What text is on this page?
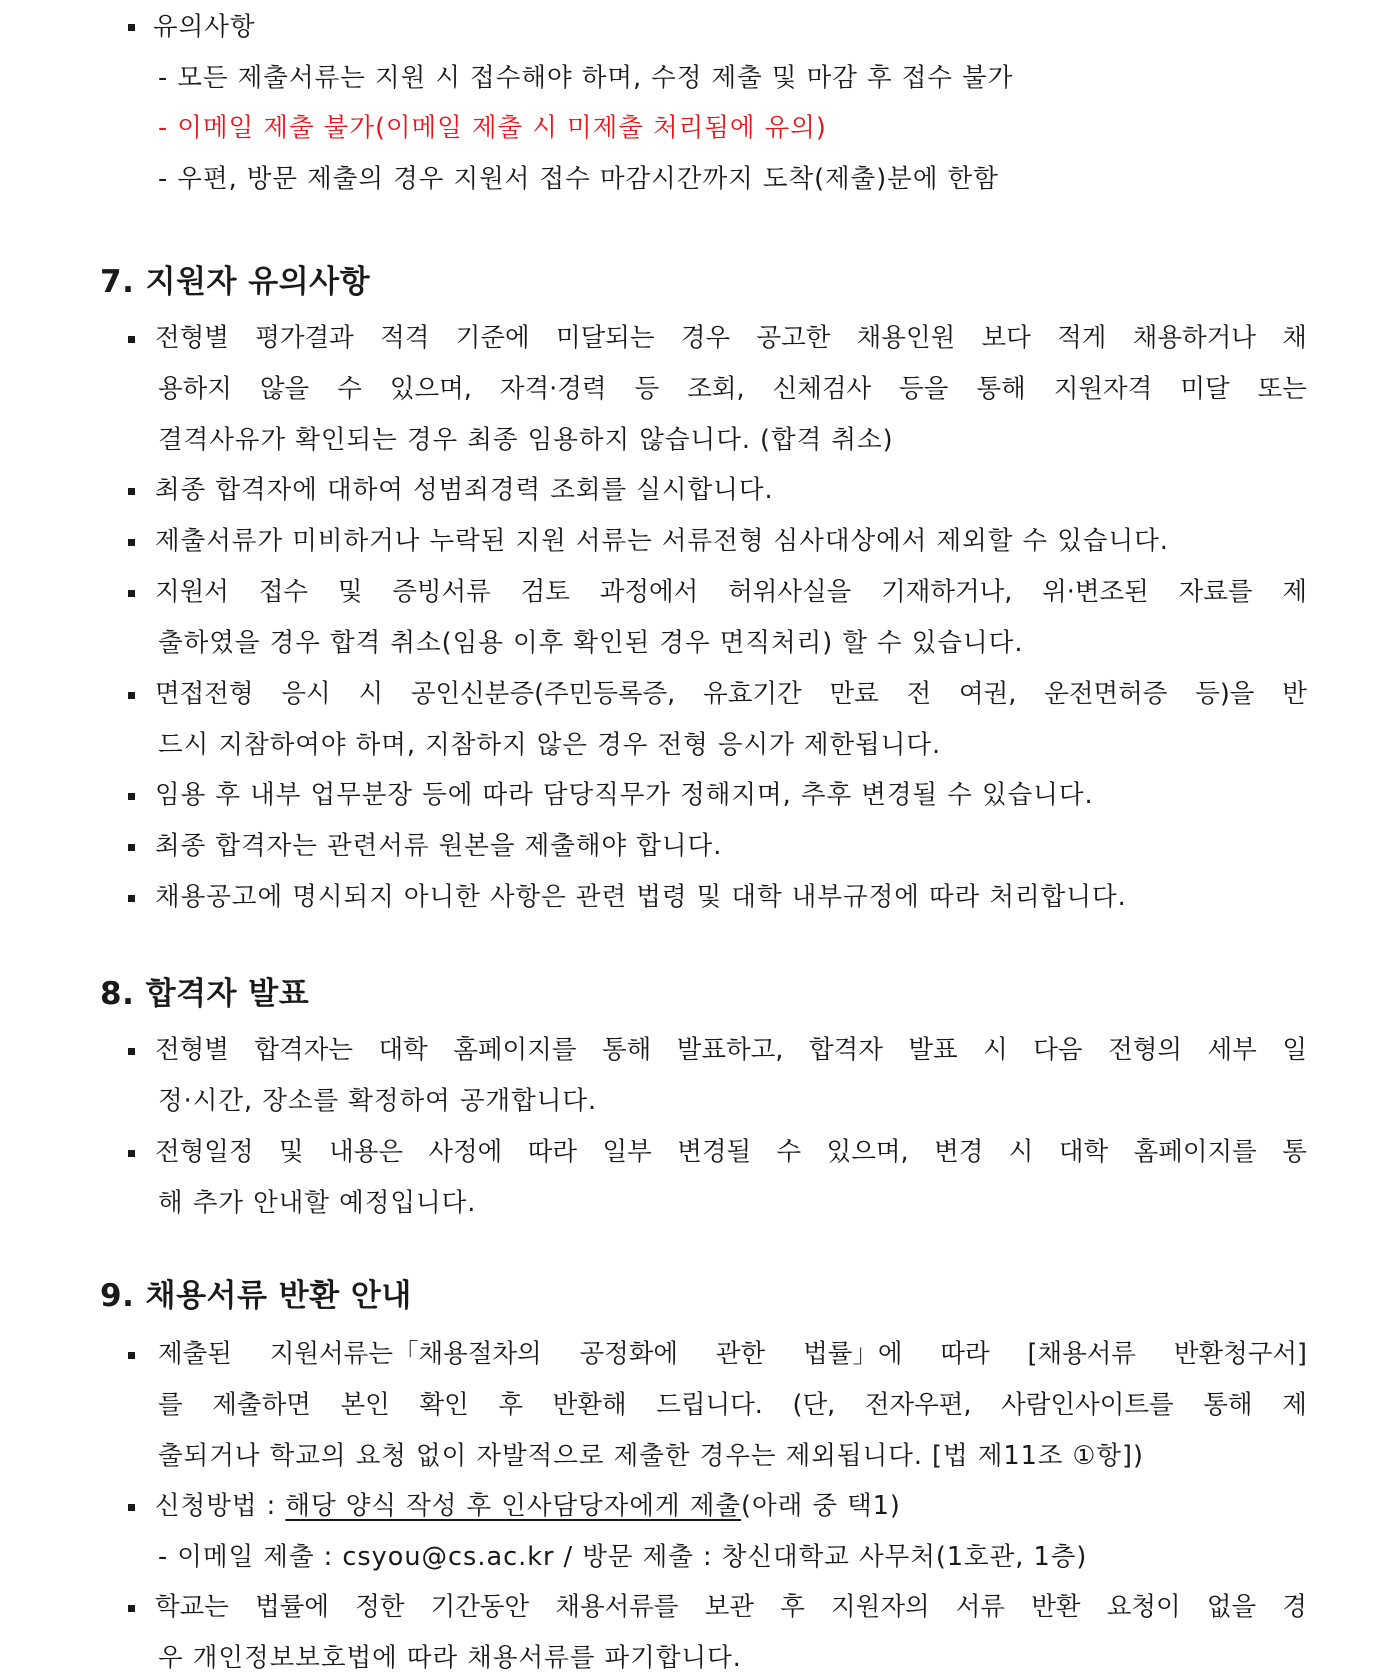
유의사항
- 모든 제출서류는 지원 시 접수해야 하며, 수정 제출 및 마감 후 접수 불가
- 이메일 제출 불가(이메일 제출 시 미제출 처리됨에 유의)
- 우편, 방문 제출의 경우 지원서 접수 마감시간까지 도착(제출)분에 한함
7. 지원자 유의사항
전형별 평가결과 적격 기준에 미달되는 경우 공고한 채용인원 보다 적게 채용하거나 채
용하지 않을 수 있으며, 자격·경력 등 조회, 신체검사 등을 통해 지원자격 미달 또는
결격사유가 확인되는 경우 최종 임용하지 않습니다. (합격 취소)
최종 합격자에 대하여 성범죄경력 조회를 실시합니다.
제출서류가 미비하거나 누락된 지원 서류는 서류전형 심사대상에서 제외할 수 있습니다.
지원서 접수 및 증빙서류 검토 과정에서 허위사실을 기재하거나, 위·변조된 자료를 제
출하였을 경우 합격 취소(임용 이후 확인된 경우 면직처리) 할 수 있습니다.
면접전형 응시 시 공인신분증(주민등록증, 유효기간 만료 전 여권, 운전면허증 등)을 반
드시 지참하여야 하며, 지참하지 않은 경우 전형 응시가 제한됩니다.
임용 후 내부 업무분장 등에 따라 담당직무가 정해지며, 추후 변경될 수 있습니다.
최종 합격자는 관련서류 원본을 제출해야 합니다.
채용공고에 명시되지 아니한 사항은 관련 법령 및 대학 내부규정에 따라 처리합니다.
8. 합격자 발표
전형별 합격자는 대학 홈페이지를 통해 발표하고, 합격자 발표 시 다음 전형의 세부 일
정·시간, 장소를 확정하여 공개합니다.
전형일정 및 내용은 사정에 따라 일부 변경될 수 있으며, 변경 시 대학 홈페이지를 통
해 추가 안내할 예정입니다.
9. 채용서류 반환 안내
제출된 지원서류는「채용절차의 공정화에 관한 법률」에 따라 [채용서류 반환청구서]
를 제출하면 본인 확인 후 반환해 드립니다. (단, 전자우편, 사람인사이트를 통해 제
출되거나 학교의 요청 없이 자발적으로 제출한 경우는 제외됩니다. [법 제11조 ①항])
신청방법 : 해당 양식 작성 후 인사담당자에게 제출(아래 중 택1)
- 이메일 제출 : csyou@cs.ac.kr / 방문 제출 : 창신대학교 사무처(1호관, 1층)
학교는 법률에 정한 기간동안 채용서류를 보관 후 지원자의 서류 반환 요청이 없을 경
우 개인정보보호법에 따라 채용서류를 파기합니다.
